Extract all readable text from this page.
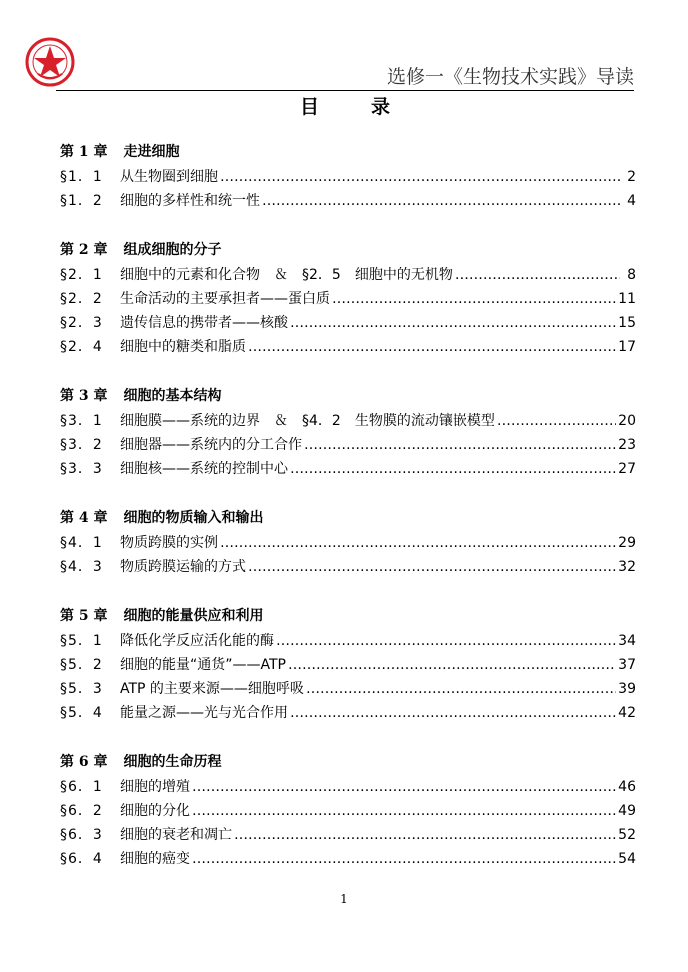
选修一《生物技术实践》导读
目录
第 1 章 走进细胞
§1．1	从生物圈到细胞 ……………………………………………………………………………………………………………………………………………………………………………………	2
§1．2	细胞的多样性和统一性 ……………………………………………………………………………………………………………………………………………………………………………………	4
第 2 章 组成细胞的分子
§2．1	细胞中的元素和化合物　＆　§2．5　细胞中的无机物 ……………………………………………………………………………………………………………………………………………………………………………………	8
§2．2	生命活动的主要承担者——蛋白质 ……………………………………………………………………………………………………………………………………………………………………………………	11
§2．3	遗传信息的携带者——核酸 ……………………………………………………………………………………………………………………………………………………………………………………	15
§2．4	细胞中的糖类和脂质 ……………………………………………………………………………………………………………………………………………………………………………………	17
第 3 章 细胞的基本结构
§3．1	细胞膜——系统的边界　＆　§4．2　生物膜的流动镶嵌模型 ……………………………………………………………………………………………………………………………………………………………………………………	20
§3．2	细胞器——系统内的分工合作 ……………………………………………………………………………………………………………………………………………………………………………………	23
§3．3	细胞核——系统的控制中心 ……………………………………………………………………………………………………………………………………………………………………………………	27
第 4 章 细胞的物质输入和输出
§4．1	物质跨膜的实例 ……………………………………………………………………………………………………………………………………………………………………………………	29
§4．3	物质跨膜运输的方式 ……………………………………………………………………………………………………………………………………………………………………………………	32
第 5 章 细胞的能量供应和利用
§5．1	降低化学反应活化能的酶 ……………………………………………………………………………………………………………………………………………………………………………………	34
§5．2	细胞的能量“通货”——ATP ……………………………………………………………………………………………………………………………………………………………………………………	37
§5．3	ATP 的主要来源——细胞呼吸 ……………………………………………………………………………………………………………………………………………………………………………………	39
§5．4	能量之源——光与光合作用 ……………………………………………………………………………………………………………………………………………………………………………………	42
第 6 章 细胞的生命历程
§6．1	细胞的增殖 ……………………………………………………………………………………………………………………………………………………………………………………	46
§6．2	细胞的分化 ……………………………………………………………………………………………………………………………………………………………………………………	49
§6．3	细胞的衰老和凋亡 ……………………………………………………………………………………………………………………………………………………………………………………	52
§6．4	细胞的癌变 ……………………………………………………………………………………………………………………………………………………………………………………	54
1
